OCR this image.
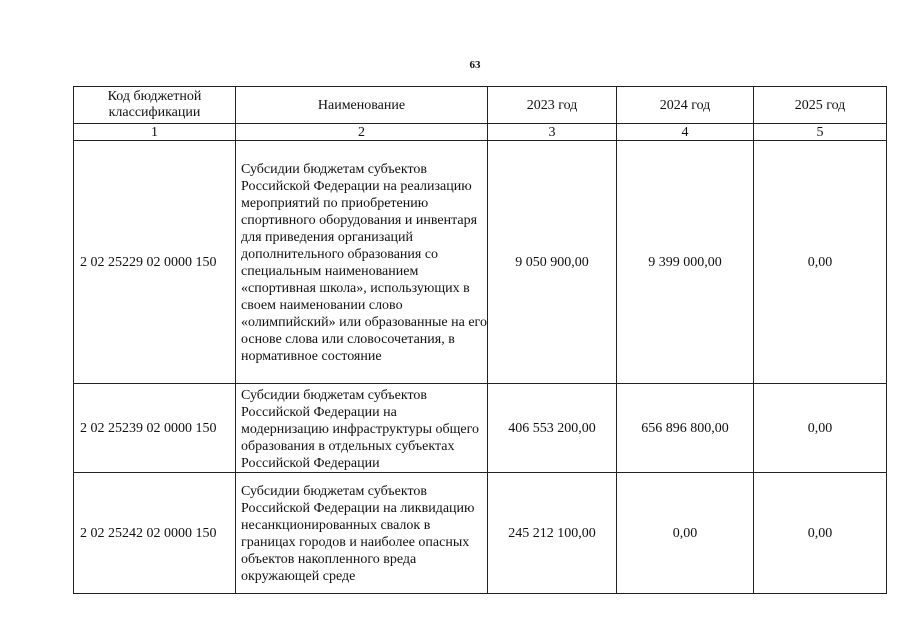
63
Код бюджетной классификации	Наименование	2023 год	2024 год	2025 год
1	2	3	4	5
2 02 25229 02 0000 150	Субсидии бюджетам субъектов Российской Федерации на реализацию мероприятий по приобретению спортивного оборудования и инвентаря для приведения организаций дополнительного образования со специальным наименованием «спортивная школа», использующих в своем наименовании слово «олимпийский» или образованные на его основе слова или словосочетания, в нормативное состояние	9 050 900,00	9 399 000,00	0,00
2 02 25239 02 0000 150	Субсидии бюджетам субъектов Российской Федерации на модернизацию инфраструктуры общего образования в отдельных субъектах Российской Федерации	406 553 200,00	656 896 800,00	0,00
2 02 25242 02 0000 150	Субсидии бюджетам субъектов Российской Федерации на ликвидацию несанкционированных свалок в границах городов и наиболее опасных объектов накопленного вреда окружающей среде	245 212 100,00	0,00	0,00
